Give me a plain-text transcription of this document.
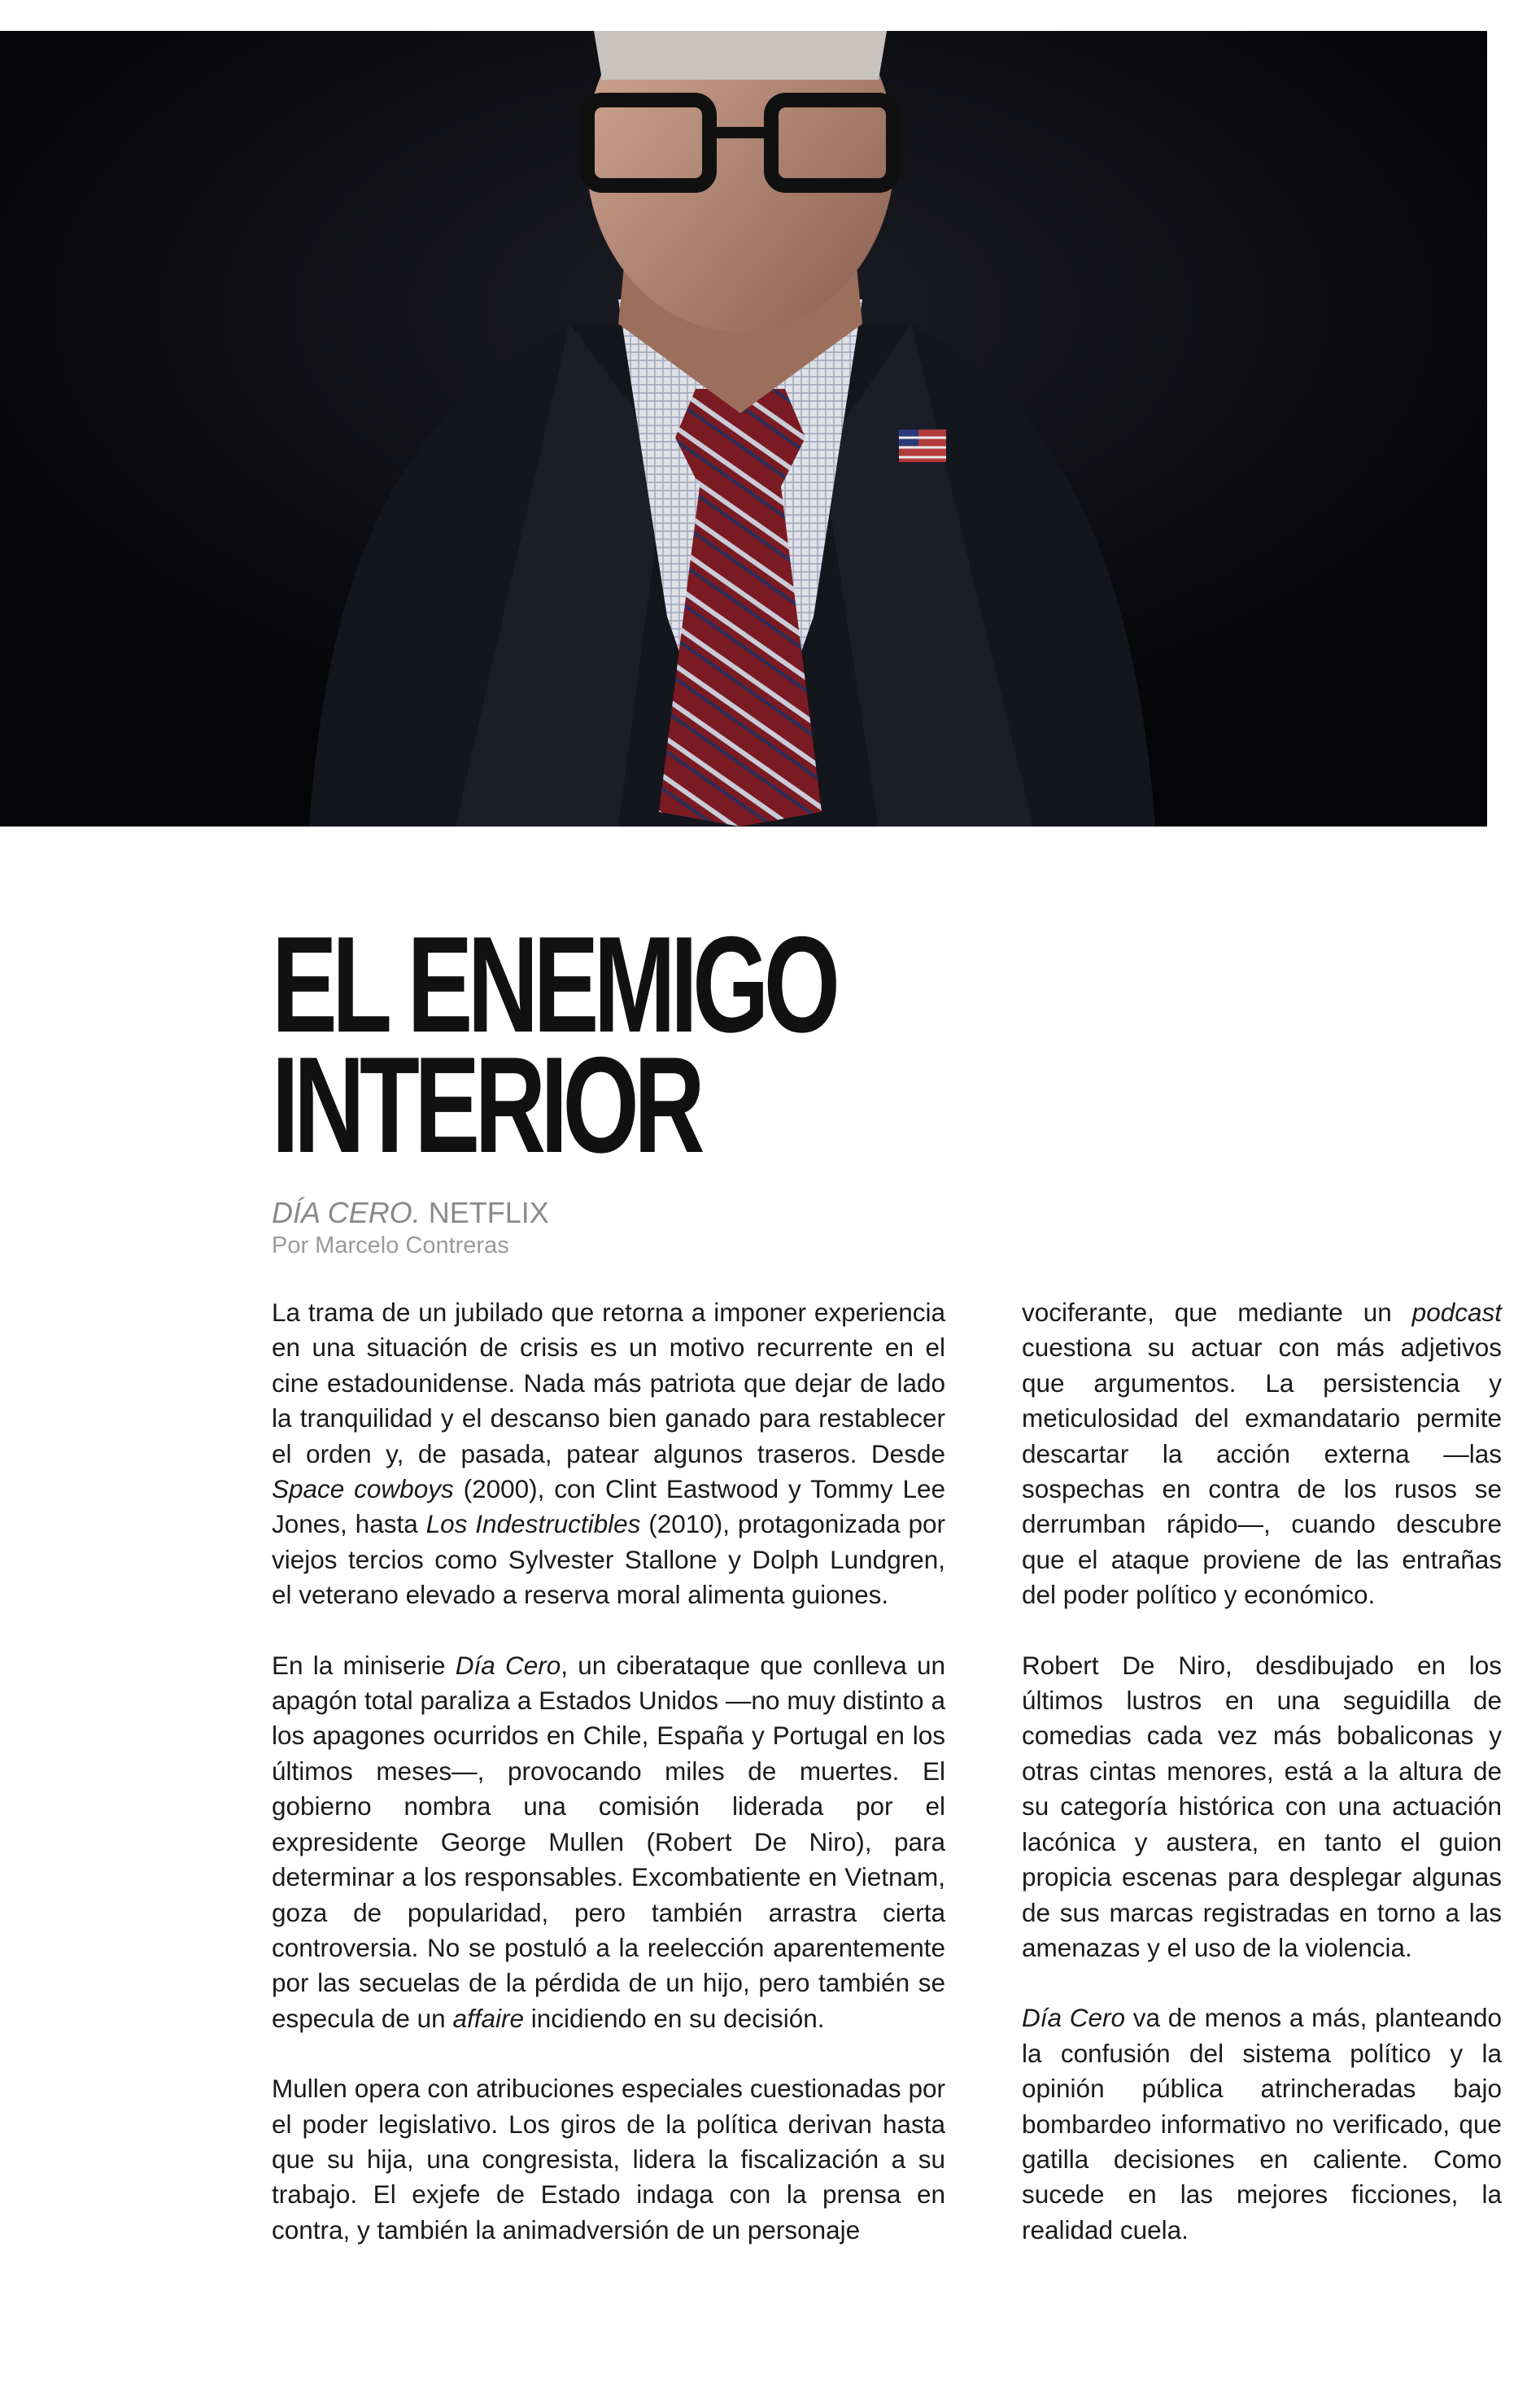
EL ENEMIGO
INTERIOR

DÍA CERO. NETFLIX

Por Marcelo Contreras

La trama de un jubilado que retorna a imponer experiencia en una situación de crisis es un motivo recurrente en el cine estadounidense. Nada más patriota que dejar de lado la tranquilidad y el descanso bien ganado para restablecer el orden y, de pasada, patear algunos traseros. Desde Space cowboys (2000), con Clint Eastwood y Tommy Lee Jones, hasta Los Indestructibles (2010), protagonizada por viejos tercios como Sylvester Stallone y Dolph Lundgren, el veterano elevado a reserva moral alimenta guiones.

En la miniserie Día Cero, un ciberataque que conlleva un apagón total paraliza a Estados Unidos —no muy distinto a los apagones ocurridos en Chile, España y Portugal en los últimos meses—, provocando miles de muertes. El gobierno nombra una comisión liderada por el expresidente George Mullen (Robert De Niro), para determinar a los responsables. Excombatiente en Vietnam, goza de popularidad, pero también arrastra cierta controversia. No se postuló a la reelección aparentemente por las secuelas de la pérdida de un hijo, pero también se especula de un affaire incidiendo en su decisión.

Mullen opera con atribuciones especiales cuestionadas por el poder legislativo. Los giros de la política derivan hasta que su hija, una congresista, lidera la fiscalización a su trabajo. El exjefe de Estado indaga con la prensa en contra, y también la animadversión de un personaje

vociferante, que mediante un podcast cuestiona su actuar con más adjetivos que argumentos. La persistencia y meticulosidad del exmandatario permite descartar la acción externa —las sospechas en contra de los rusos se derrumban rápido—, cuando descubre que el ataque proviene de las entrañas del poder político y económico.

Robert De Niro, desdibujado en los últimos lustros en una seguidilla de comedias cada vez más bobaliconas y otras cintas menores, está a la altura de su categoría histórica con una actuación lacónica y austera, en tanto el guion propicia escenas para desplegar algunas de sus marcas registradas en torno a las amenazas y el uso de la violencia.

Día Cero va de menos a más, planteando la confusión del sistema político y la opinión pública atrincheradas bajo bombardeo informativo no verificado, que gatilla decisiones en caliente. Como sucede en las mejores ficciones, la realidad cuela.
